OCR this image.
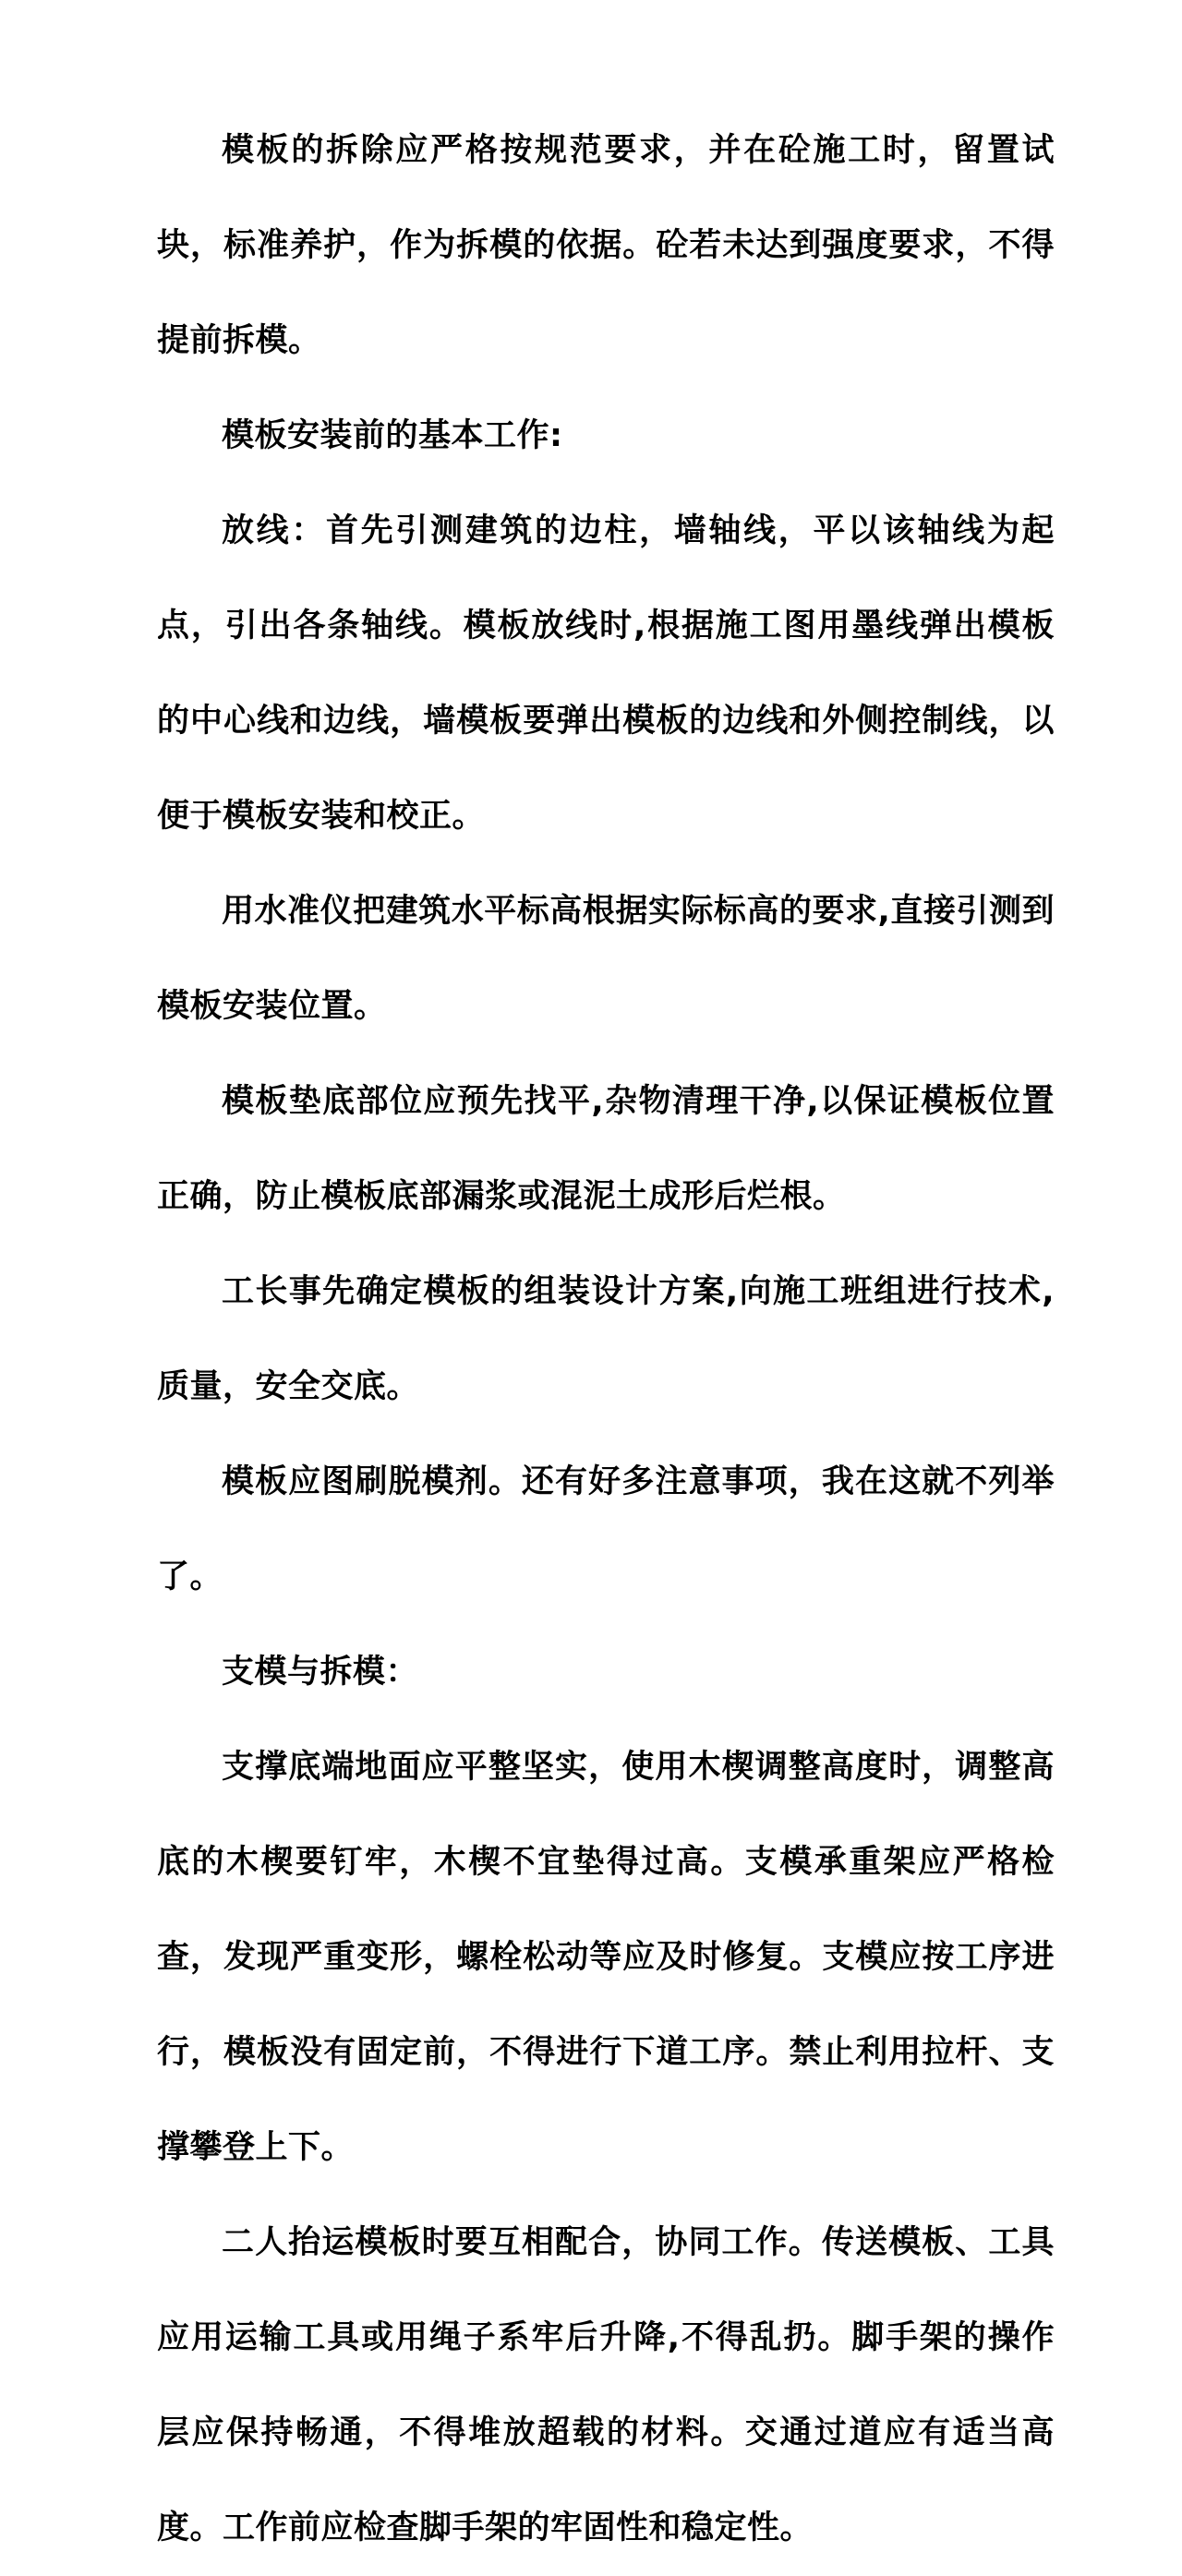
模板的拆除应严格按规范要求，并在砼施工时，留置试块，标准养护，作为拆模的依据。砼若未达到强度要求，不得提前拆模。

模板安装前的基本工作:

放线：首先引测建筑的边柱，墙轴线，平以该轴线为起点，引出各条轴线。模板放线时,根据施工图用墨线弹出模板的中心线和边线，墙模板要弹出模板的边线和外侧控制线，以便于模板安装和校正。

用水准仪把建筑水平标高根据实际标高的要求,直接引测到模板安装位置。

模板垫底部位应预先找平,杂物清理干净,以保证模板位置正确，防止模板底部漏浆或混泥土成形后烂根。

工长事先确定模板的组装设计方案,向施工班组进行技术,质量，安全交底。

模板应图刷脱模剂。还有好多注意事项，我在这就不列举了。

支模与拆模：

支撑底端地面应平整坚实，使用木楔调整高度时，调整高底的木楔要钉牢，木楔不宜垫得过高。支模承重架应严格检查，发现严重变形，螺栓松动等应及时修复。支模应按工序进行，模板没有固定前，不得进行下道工序。禁止利用拉杆、支撑攀登上下。

二人抬运模板时要互相配合，协同工作。传送模板、工具应用运输工具或用绳子系牢后升降,不得乱扔。脚手架的操作层应保持畅通，不得堆放超载的材料。交通过道应有适当高度。工作前应检查脚手架的牢固性和稳定性。
